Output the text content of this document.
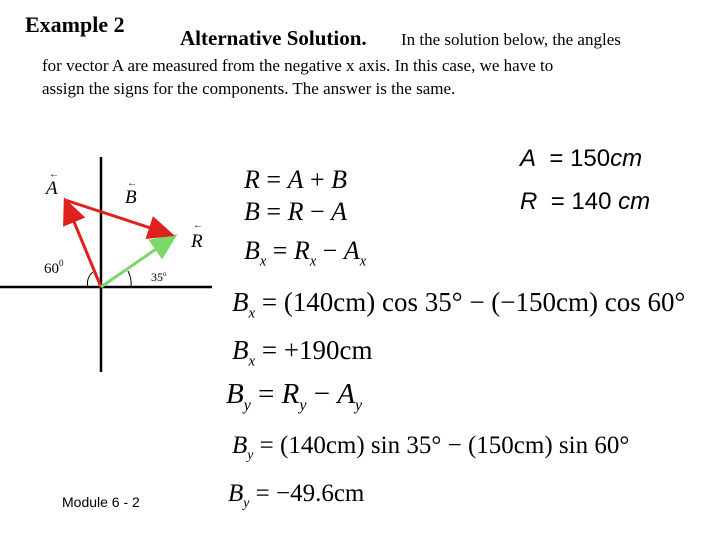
Example 2
Alternative Solution. In the solution below, the angles
for vector A are measured from the negative x axis. In this case, we have to
assign the signs for the components. The answer is the same.
←
A	←
B
←
R
$60^0$
35$^o$
R = A + B
B = R − A
$B_x = R_x - A_x$
A = 150cm
R = 140 cm
$B_x = (140cm)$ cos 35° − (−150cm) cos 60°
$B_x = +190cm$
$B_y = R_y - A_y$
$B_y = (140cm)$ sin 35° − (150cm) sin 60°
$B_y = -49.6cm$
Module 6 - 2
